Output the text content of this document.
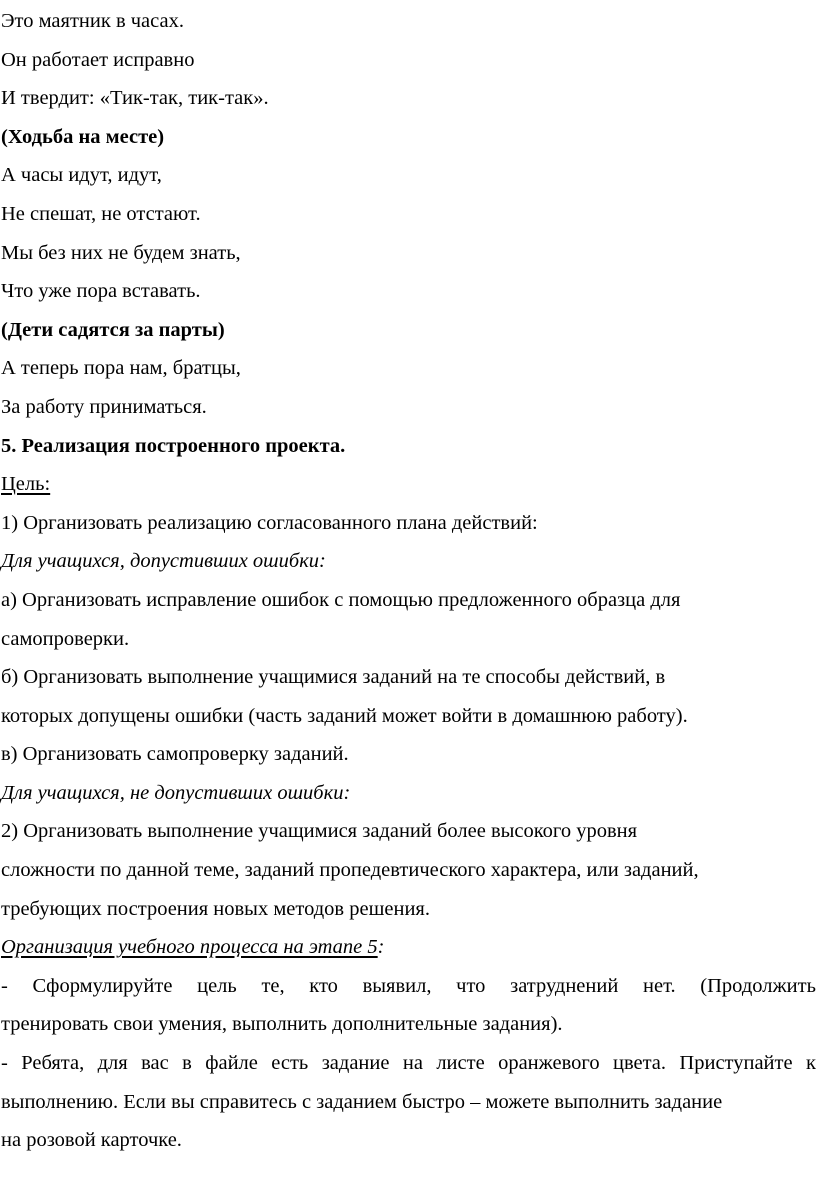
Это маятник в часах.
Он работает исправно
И твердит: «Тик-так, тик-так».
(Ходьба на месте)
А часы идут, идут,
Не спешат, не отстают.
Мы без них не будем знать,
Что уже пора вставать.
(Дети садятся за парты)
А теперь пора нам, братцы,
За работу приниматься.
5. Реализация построенного проекта.
Цель:
1) Организовать реализацию согласованного плана действий:
Для учащихся, допустивших ошибки:
а) Организовать исправление ошибок с помощью предложенного образца для
самопроверки.
б) Организовать выполнение учащимися заданий на те способы действий, в
которых допущены ошибки (часть заданий может войти в домашнюю работу).
в) Организовать самопроверку заданий.
Для учащихся, не допустивших ошибки:
2) Организовать выполнение учащимися заданий более высокого уровня
сложности по данной теме, заданий пропедевтического характера, или заданий,
требующих построения новых методов решения.
Организация учебного процесса на этапе 5:
- Сформулируйте цель те, кто выявил, что затруднений нет. (Продолжить
тренировать свои умения, выполнить дополнительные задания).
- Ребята, для вас в файле есть задание на листе оранжевого цвета. Приступайте к
выполнению. Если вы справитесь с заданием быстро – можете выполнить задание
на розовой карточке.
